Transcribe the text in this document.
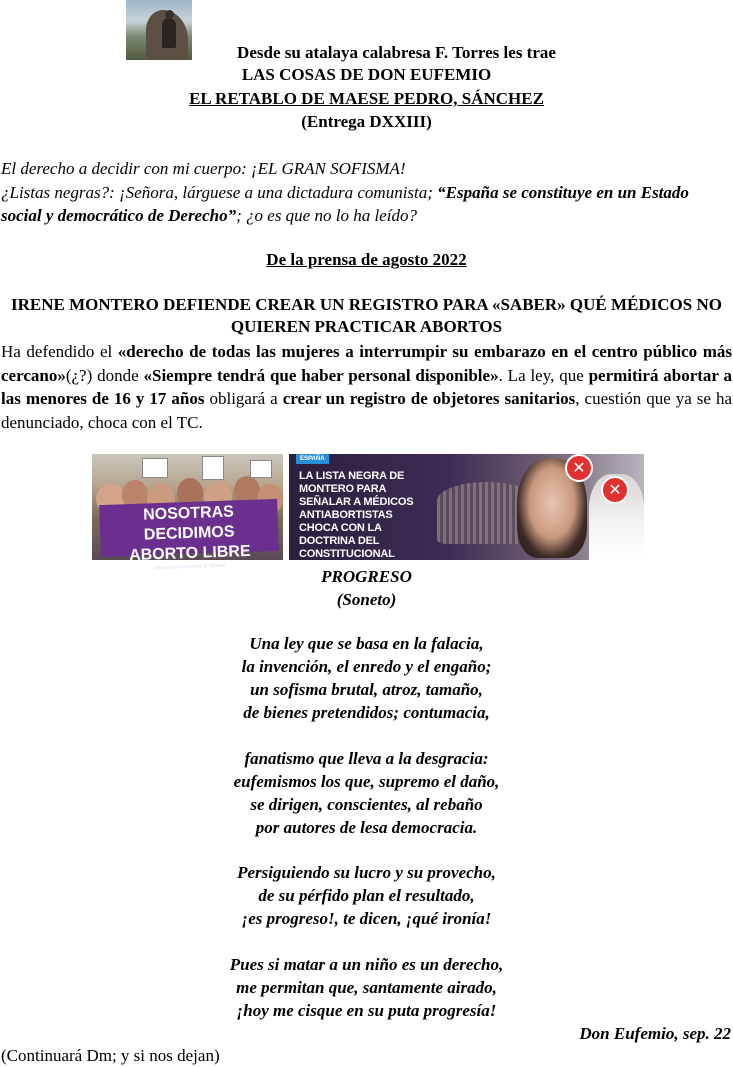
Desde su atalaya calabresa F. Torres les trae
LAS COSAS DE DON EUFEMIO
EL RETABLO DE MAESE PEDRO, SÁNCHEZ
(Entrega DXXIII)
El derecho a decidir con mi cuerpo: ¡EL GRAN SOFISMA!
¿Listas negras?: ¡Señora, lárguese a una dictadura comunista; “España se constituye en un Estado social y democrático de Derecho”; ¿o es que no lo ha leído?
De la prensa de agosto 2022
IRENE MONTERO DEFIENDE CREAR UN REGISTRO PARA «SABER» QUÉ MÉDICOS NO QUIEREN PRACTICAR ABORTOS
Ha defendido el «derecho de todas las mujeres a interrumpir su embarazo en el centro público más cercano»(¿?) donde «Siempre tendrá que haber personal disponible». La ley, que permitirá abortar a las menores de 16 y 17 años obligará a crear un registro de objetores sanitarios, cuestión que ya se ha denunciado, choca con el TC.
NOSOTRAS DECIDIMOS
ABORTO LIBRE
Movimiento feminista de Madrid
ESPAÑA	✕
✕
LA LISTA NEGRA DE MONTERO PARA SEÑALAR A MÉDICOS ANTIABORTISTAS CHOCA CON LA DOCTRINA DEL CONSTITUCIONAL
PROGRESO
(Soneto)
Una ley que se basa en la falacia,
la invención, el enredo y el engaño;
un sofisma brutal, atroz, tamaño,
de bienes pretendidos; contumacia,
fanatismo que lleva a la desgracia:
eufemismos los que, supremo el daño,
se dirigen, conscientes, al rebaño
por autores de lesa democracia.
Persiguiendo su lucro y su provecho,
de su pérfido plan el resultado,
¡es progreso!, te dicen, ¡qué ironía!
Pues si matar a un niño es un derecho,
me permitan que, santamente airado,
¡hoy me cisque en su puta progresía!
Don Eufemio, sep. 22
(Continuará Dm; y si nos dejan)
